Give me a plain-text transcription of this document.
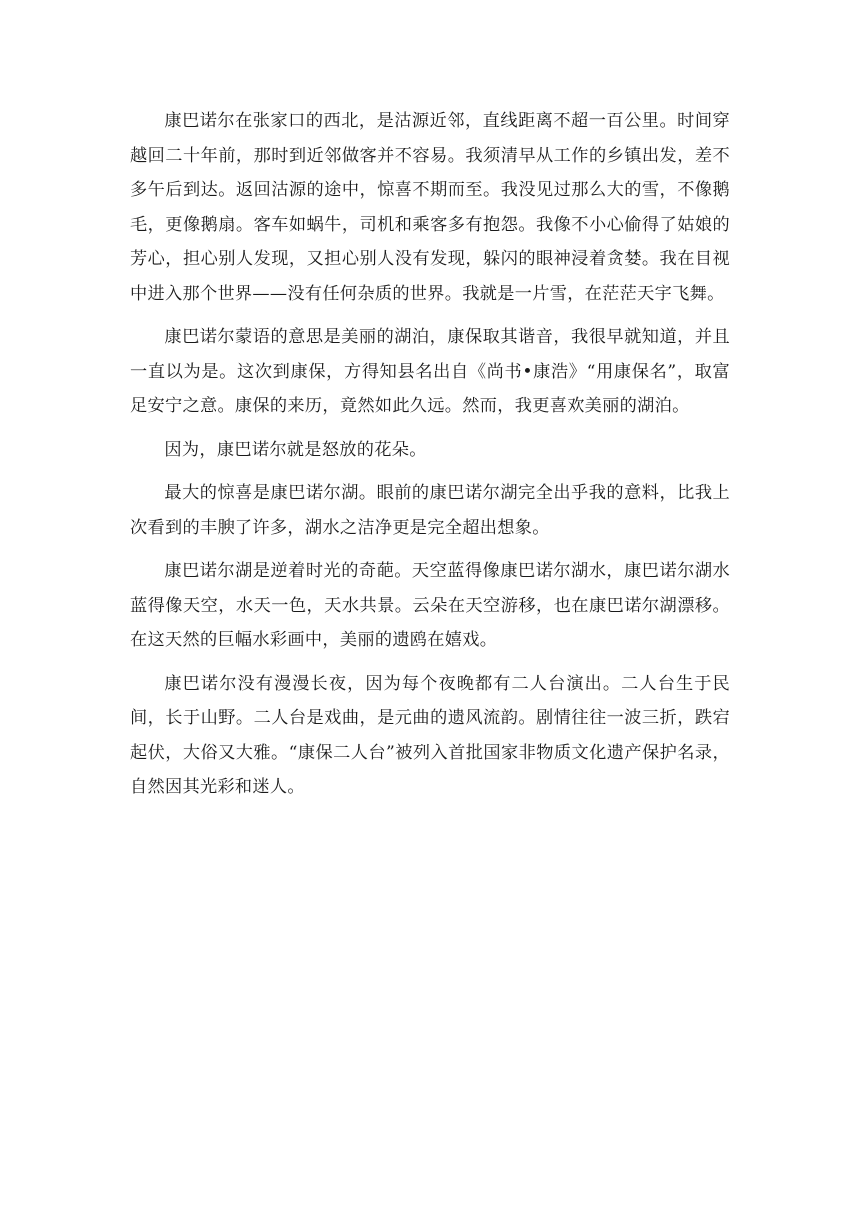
康巴诺尔在张家口的西北，是沽源近邻，直线距离不超一百公里。时间穿越回二十年前，那时到近邻做客并不容易。我须清早从工作的乡镇出发，差不多午后到达。返回沽源的途中，惊喜不期而至。我没见过那么大的雪，不像鹅毛，更像鹅扇。客车如蜗牛，司机和乘客多有抱怨。我像不小心偷得了姑娘的芳心，担心别人发现，又担心别人没有发现，躲闪的眼神浸着贪婪。我在目视中进入那个世界——没有任何杂质的世界。我就是一片雪，在茫茫天宇飞舞。

康巴诺尔蒙语的意思是美丽的湖泊，康保取其谐音，我很早就知道，并且一直以为是。这次到康保，方得知县名出自《尚书•康浩》“用康保名”，取富足安宁之意。康保的来历，竟然如此久远。然而，我更喜欢美丽的湖泊。

因为，康巴诺尔就是怒放的花朵。

最大的惊喜是康巴诺尔湖。眼前的康巴诺尔湖完全出乎我的意料，比我上次看到的丰腴了许多，湖水之洁净更是完全超出想象。

康巴诺尔湖是逆着时光的奇葩。天空蓝得像康巴诺尔湖水，康巴诺尔湖水蓝得像天空，水天一色，天水共景。云朵在天空游移，也在康巴诺尔湖漂移。在这天然的巨幅水彩画中，美丽的遗鸥在嬉戏。

康巴诺尔没有漫漫长夜，因为每个夜晚都有二人台演出。二人台生于民间，长于山野。二人台是戏曲，是元曲的遗风流韵。剧情往往一波三折，跌宕起伏，大俗又大雅。“康保二人台”被列入首批国家非物质文化遗产保护名录，自然因其光彩和迷人。
